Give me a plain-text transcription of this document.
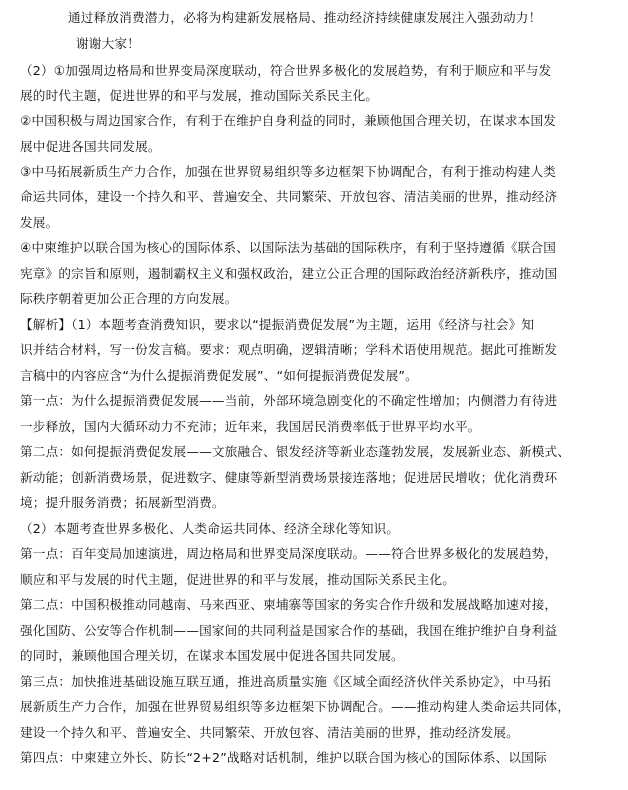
通过释放消费潜力，必将为构建新发展格局、推动经济持续健康发展注入强劲动力！
谢谢大家！
（2）①加强周边格局和世界变局深度联动，符合世界多极化的发展趋势，有利于顺应和平与发
展的时代主题，促进世界的和平与发展，推动国际关系民主化。
②中国积极与周边国家合作，有利于在维护自身利益的同时，兼顾他国合理关切，在谋求本国发
展中促进各国共同发展。
③中马拓展新质生产力合作，加强在世界贸易组织等多边框架下协调配合，有利于推动构建人类
命运共同体，建设一个持久和平、普遍安全、共同繁荣、开放包容、清洁美丽的世界，推动经济
发展。
④中柬维护以联合国为核心的国际体系、以国际法为基础的国际秩序，有利于坚持遵循《联合国
宪章》的宗旨和原则，遏制霸权主义和强权政治，建立公正合理的国际政治经济新秩序，推动国
际秩序朝着更加公正合理的方向发展。
【解析】（1）本题考查消费知识，要求以“提振消费促发展”为主题，运用《经济与社会》知
识并结合材料，写一份发言稿。要求：观点明确，逻辑清晰；学科术语使用规范。据此可推断发
言稿中的内容应含“为什么提振消费促发展”、“如何提振消费促发展”。
第一点：为什么提振消费促发展——当前，外部环境急剧变化的不确定性增加；内侧潜力有待进
一步释放，国内大循环动力不充沛；近年来，我国居民消费率低于世界平均水平。
第二点：如何提振消费促发展——文旅融合、银发经济等新业态蓬勃发展，发展新业态、新模式、
新动能；创新消费场景，促进数字、健康等新型消费场景接连落地；促进居民增收；优化消费环
境；提升服务消费；拓展新型消费。
（2）本题考查世界多极化、人类命运共同体、经济全球化等知识。
第一点：百年变局加速演进，周边格局和世界变局深度联动。——符合世界多极化的发展趋势，
顺应和平与发展的时代主题，促进世界的和平与发展，推动国际关系民主化。
第二点：中国积极推动同越南、马来西亚、柬埔寨等国家的务实合作升级和发展战略加速对接，
强化国防、公安等合作机制——国家间的共同利益是国家合作的基础，我国在维护维护自身利益
的同时，兼顾他国合理关切，在谋求本国发展中促进各国共同发展。
第三点：加快推进基础设施互联互通，推进高质量实施《区域全面经济伙伴关系协定》，中马拓
展新质生产力合作，加强在世界贸易组织等多边框架下协调配合。——推动构建人类命运共同体，
建设一个持久和平、普遍安全、共同繁荣、开放包容、清洁美丽的世界，推动经济发展。
第四点：中柬建立外长、防长“2+2”战略对话机制，维护以联合国为核心的国际体系、以国际
